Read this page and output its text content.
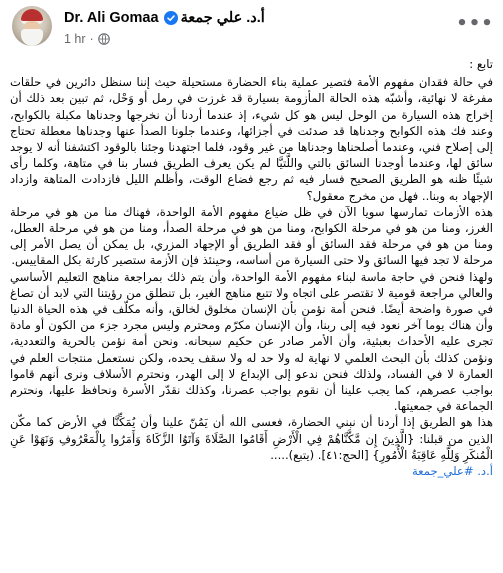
Dr. Ali Gomaa أ.د. علي جمعة
1 hr ·
•••

تابع :

في حالة فقدان مفهوم الأمة فتصير عملية بناء الحضارة مستحيلة حيث إننا سنظل دائرين في حلقات مفرغة لا نهائية، وأشبّه هذه الحالة المأزومة بسيارة قد غرزت في رمل أو وَحْل، ثم تبين بعد ذلك أن إخراج هذه السيارة من الوحل ليس هو كل شيء، إذ عندما أردنا أن نخرجها وجدناها مكبلة بالكوابح، وعند فك هذه الكوابح وجدناها قد صدئت في أجزائها، وعندما جلونا الصدأ عنها وجدناها معطلة تحتاج إلى إصلاح فني، وعندما أصلحناها وجدناها من غير وقود، فلما اجتهدنا وجئنا بالوقود اكتشفنا أنه لا يوجد سائق لها، وعندما أوجدنا السائق بالتي واللَّتيَّا لم يكن يعرف الطريق فسار بنا في متاهة، وكلما رأى شيئًا ظنه هو الطريق الصحيح فسار فيه ثم رجع فضاع الوقت، وأظلم الليل فازدادت المتاهة وازداد الإجهاد به وبنا.. فهل من مخرج معقول؟

هذه الأزمات تمارسها سويا الآن في ظل ضياع مفهوم الأمة الواحدة، فهناك منا من هو في مرحلة الغرز، ومنا من هو في مرحلة الكوابح، ومنا من هو في مرحلة الصدأ، ومنا من هو في مرحلة العطل، ومنا من هو في مرحلة فقد السائق أو فقد الطريق أو الإجهاد المزري، بل يمكن أن يصل الأمر إلى مرحلة لا تجد فيها السائق ولا حتى السيارة من أساسه، وحينئذ فإن الأزمة ستصير كارثة بكل المقاييس.

ولهذا فنحن في حاجة ماسة لبناء مفهوم الأمة الواحدة، وأن يتم ذلك بمراجعة مناهج التعليم الأساسي والعالي مراجعة قومية لا تقتصر على اتجاه ولا تتبع مناهج الغير، بل تنطلق من رؤيتنا التي لابد أن تصاغ في صورة واضحة أيضًا. فنحن أمة نؤمن بأن الإنسان مخلوق لخالق، وأنه مكلّف في هذه الحياة الدنيا وأن هناك يوما آخر نعود فيه إلى ربنا، وأن الإنسان مكرّم ومحترم وليس مجرد جزء من الكون أو مادة تجرى عليه الأحداث بعبثية، وأن الأمر صادر عن حكيم سبحانه. ونحن أمة نؤمن بالحرية والتعددية، ونؤمن كذلك بأن البحث العلمي لا نهاية له ولا حد له ولا سقف يحده، ولكن نستعمل منتجات العلم في العمارة لا في الفساد، ولذلك فنحن ندعو إلى الإبداع لا إلى الهدر، ونحترم الأسلاف ونرى أنهم قاموا بواجب عصرهم، كما يجب علينا أن نقوم بواجب عصرنا، وكذلك نقدّر الأسرة ونحافظ عليها، ونحترم الجماعة في جمعيتها.

هذا هو الطريق إذا أردنا أن نبني الحضارة، فعسى الله أن يَمُنّ علينا وأن يُمَكِّنَّا في الأرض كما مكّن الذين من قبلنا: {الَّذِينَ إِن مَّكَّنَّاهُمْ فِي الْأَرْضِ أَقَامُوا الصَّلَاةَ وَآتَوُا الزَّكَاةَ وَأَمَرُوا بِالْمَعْرُوفِ وَنَهَوْا عَنِ الْمُنكَرِ وَلِلَّهِ عَاقِبَةُ الْأُمُورِ} [الحج:٤١]. (يتبع).....

أ.د. #علي_جمعة
